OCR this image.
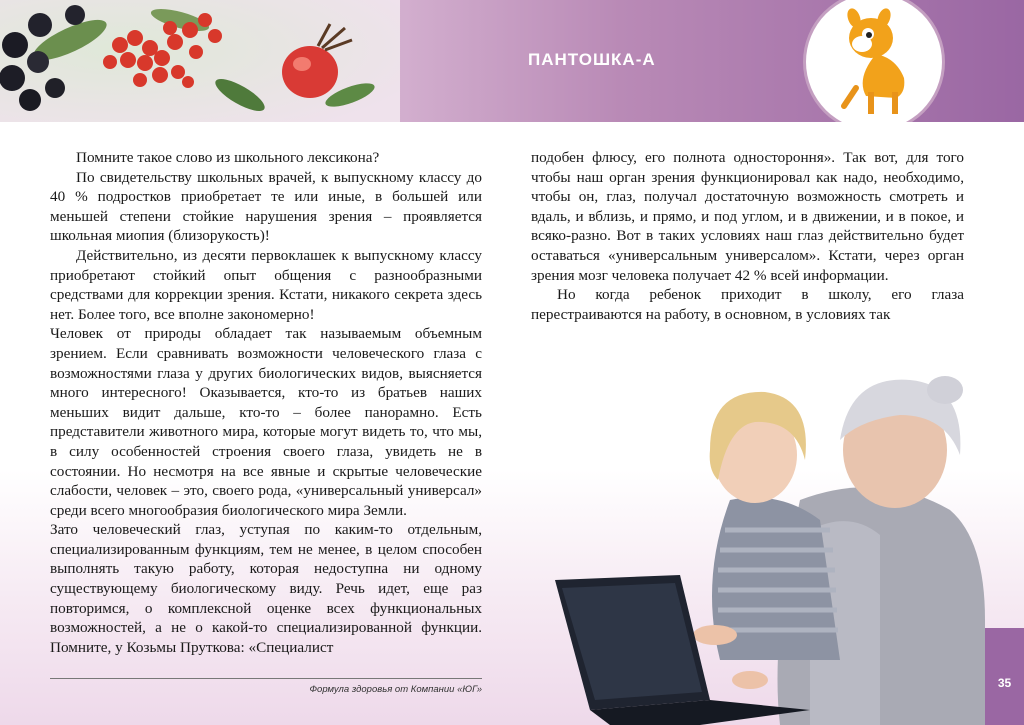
ПАНТОШКА-А

Помните такое слово из школьного лексикона?

По свидетельству школьных врачей, к выпускному классу до 40 % подростков приобретает те или иные, в большей или меньшей степени стойкие нарушения зрения – проявляется школьная миопия (близорукость)!

Действительно, из десяти первоклашек к выпускному классу приобретают стойкий опыт общения с разнообразными средствами для коррекции зрения. Кстати, никакого секрета здесь нет. Более того, все вполне закономерно!

Человек от природы обладает так называемым объемным зрением. Если сравнивать возможности человеческого глаза с возможностями глаза у других биологических видов, выясняется много интересного! Оказывается, кто-то из братьев наших меньших видит дальше, кто-то – более панорамно. Есть представители животного мира, которые могут видеть то, что мы, в силу особенностей строения своего глаза, увидеть не в состоянии. Но несмотря на все явные и скрытые человеческие слабости, человек – это, своего рода, «универсальный универсал» среди всего многообразия биологического мира Земли.

Зато человеческий глаз, уступая по каким-то отдельным, специализированным функциям, тем не менее, в целом способен выполнять такую работу, которая недоступна ни одному существующему биологическому виду. Речь идет, еще раз повторимся, о комплексной оценке всех функциональных возможностей, а не о какой-то специализированной функции. Помните, у Козьмы Пруткова: «Специалист

подобен флюсу, его полнота одностороння». Так вот, для того чтобы наш орган зрения функционировал как надо, необходимо, чтобы он, глаз, получал достаточную возможность смотреть и вдаль, и вблизь, и прямо, и под углом, и в движении, и в покое, и всяко-разно. Вот в таких условиях наш глаз действительно будет оставаться «универсальным универсалом». Кстати, через орган зрения мозг человека получает 42 % всей информации.

Но когда ребенок приходит в школу, его глаза перестраиваются на работу, в основном, в условиях так

Формула здоровья от Компании «ЮГ»	35
